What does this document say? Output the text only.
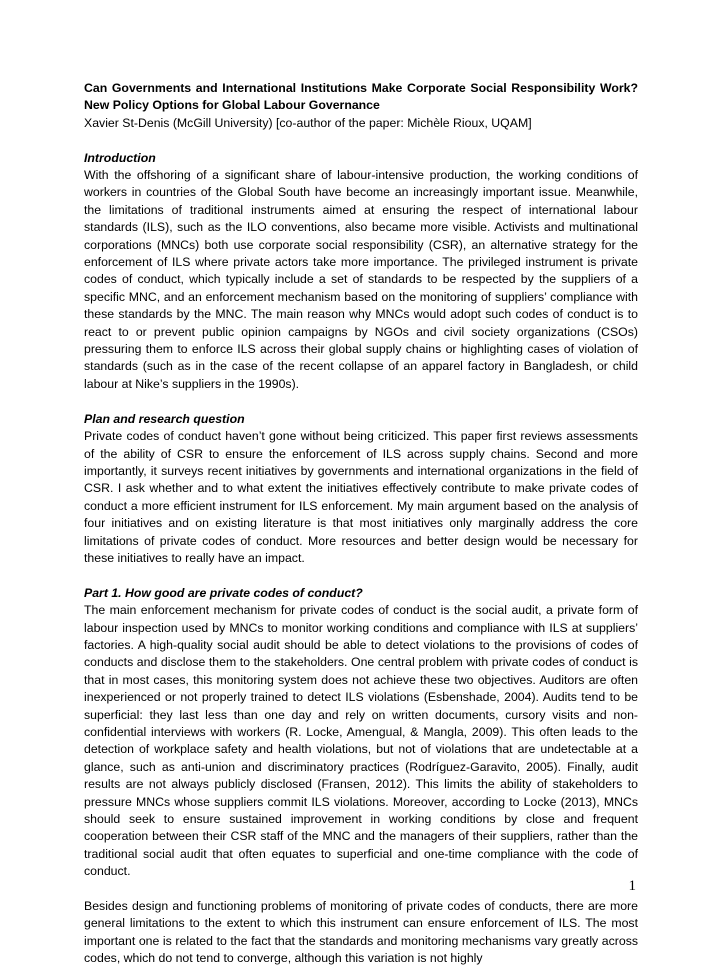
Can Governments and International Institutions Make Corporate Social Responsibility Work? New Policy Options for Global Labour Governance
Xavier St-Denis (McGill University) [co-author of the paper: Michèle Rioux, UQAM]
Introduction

With the offshoring of a significant share of labour-intensive production, the working conditions of workers in countries of the Global South have become an increasingly important issue. Meanwhile, the limitations of traditional instruments aimed at ensuring the respect of international labour standards (ILS), such as the ILO conventions, also became more visible. Activists and multinational corporations (MNCs) both use corporate social responsibility (CSR), an alternative strategy for the enforcement of ILS where private actors take more importance. The privileged instrument is private codes of conduct, which typically include a set of standards to be respected by the suppliers of a specific MNC, and an enforcement mechanism based on the monitoring of suppliers’ compliance with these standards by the MNC. The main reason why MNCs would adopt such codes of conduct is to react to or prevent public opinion campaigns by NGOs and civil society organizations (CSOs) pressuring them to enforce ILS across their global supply chains or highlighting cases of violation of standards (such as in the case of the recent collapse of an apparel factory in Bangladesh, or child labour at Nike’s suppliers in the 1990s).

Plan and research question

Private codes of conduct haven’t gone without being criticized. This paper first reviews assessments of the ability of CSR to ensure the enforcement of ILS across supply chains. Second and more importantly, it surveys recent initiatives by governments and international organizations in the field of CSR. I ask whether and to what extent the initiatives effectively contribute to make private codes of conduct a more efficient instrument for ILS enforcement. My main argument based on the analysis of four initiatives and on existing literature is that most initiatives only marginally address the core limitations of private codes of conduct. More resources and better design would be necessary for these initiatives to really have an impact.

Part 1. How good are private codes of conduct?

The main enforcement mechanism for private codes of conduct is the social audit, a private form of labour inspection used by MNCs to monitor working conditions and compliance with ILS at suppliers’ factories. A high-quality social audit should be able to detect violations to the provisions of codes of conducts and disclose them to the stakeholders. One central problem with private codes of conduct is that in most cases, this monitoring system does not achieve these two objectives. Auditors are often inexperienced or not properly trained to detect ILS violations (Esbenshade, 2004). Audits tend to be superficial: they last less than one day and rely on written documents, cursory visits and non-confidential interviews with workers (R. Locke, Amengual, & Mangla, 2009). This often leads to the detection of workplace safety and health violations, but not of violations that are undetectable at a glance, such as anti-union and discriminatory practices (Rodríguez-Garavito, 2005). Finally, audit results are not always publicly disclosed (Fransen, 2012). This limits the ability of stakeholders to pressure MNCs whose suppliers commit ILS violations. Moreover, according to Locke (2013), MNCs should seek to ensure sustained improvement in working conditions by close and frequent cooperation between their CSR staff of the MNC and the managers of their suppliers, rather than the traditional social audit that often equates to superficial and one-time compliance with the code of conduct.

Besides design and functioning problems of monitoring of private codes of conducts, there are more general limitations to the extent to which this instrument can ensure enforcement of ILS. The most important one is related to the fact that the standards and monitoring mechanisms vary greatly across codes, which do not tend to converge, although this variation is not highly

1
